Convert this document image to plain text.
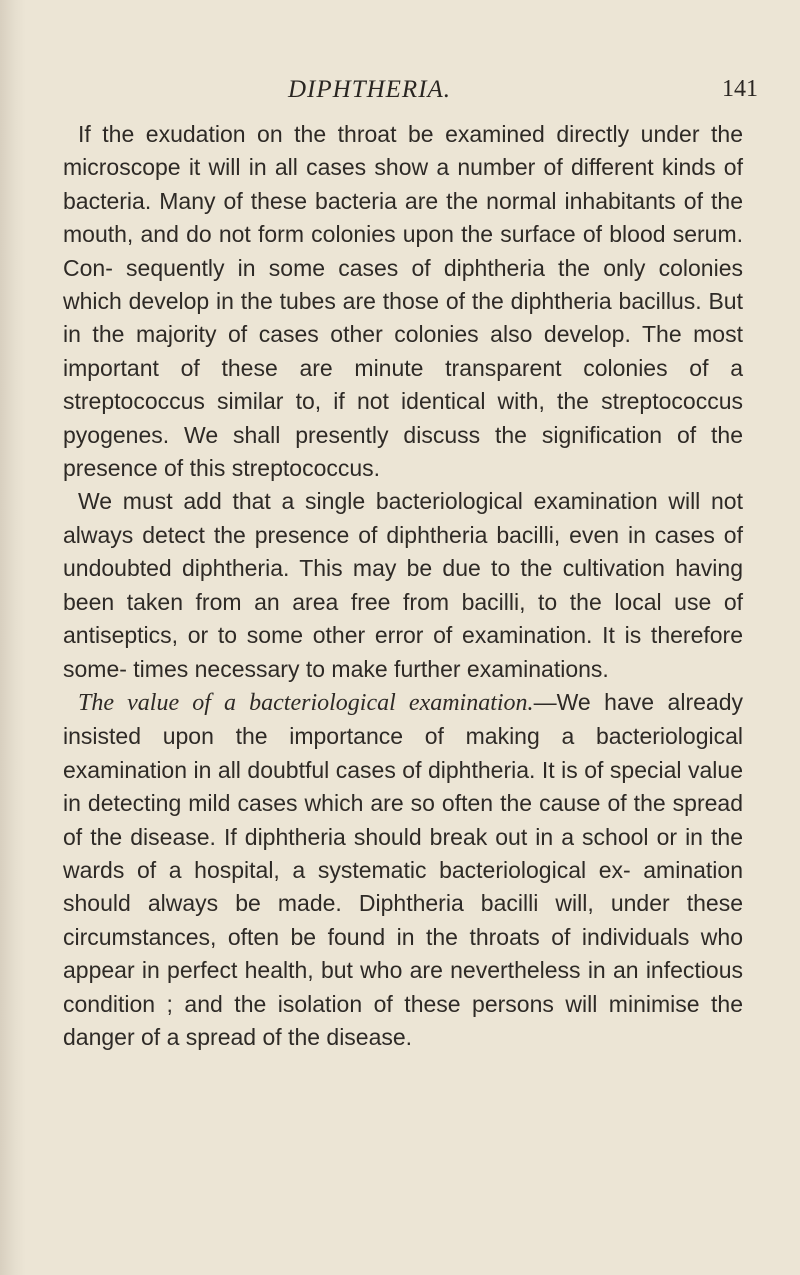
DIPHTHERIA.	141

If the exudation on the throat be examined directly under the microscope it will in all cases show a number of different kinds of bacteria. Many of these bacteria are the normal inhabitants of the mouth, and do not form colonies upon the surface of blood serum. Con- sequently in some cases of diphtheria the only colonies which develop in the tubes are those of the diphtheria bacillus. But in the majority of cases other colonies also develop. The most important of these are minute transparent colonies of a streptococcus similar to, if not identical with, the streptococcus pyogenes. We shall presently discuss the signification of the presence of this streptococcus.

We must add that a single bacteriological examination will not always detect the presence of diphtheria bacilli, even in cases of undoubted diphtheria. This may be due to the cultivation having been taken from an area free from bacilli, to the local use of antiseptics, or to some other error of examination. It is therefore some- times necessary to make further examinations.

The value of a bacteriological examination.—We have already insisted upon the importance of making a bacteriological examination in all doubtful cases of diphtheria. It is of special value in detecting mild cases which are so often the cause of the spread of the disease. If diphtheria should break out in a school or in the wards of a hospital, a systematic bacteriological ex- amination should always be made. Diphtheria bacilli will, under these circumstances, often be found in the throats of individuals who appear in perfect health, but who are nevertheless in an infectious condition ; and the isolation of these persons will minimise the danger of a spread of the disease.
